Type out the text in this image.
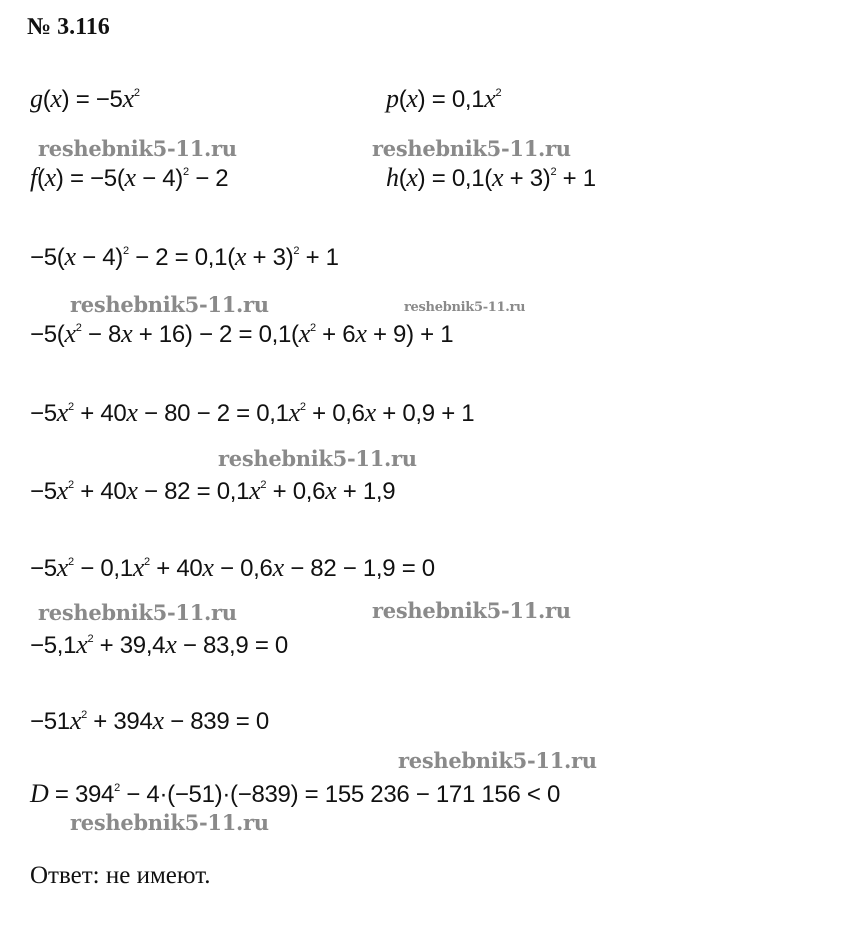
№ 3.116
$g(x) = -5x^2$	$p(x) = 0,1x^2$
reshebnik5-11.ru	reshebnik5-11.ru
$f(x) = -5(x - 4)^2 - 2$	$h(x) = 0,1(x + 3)^2 + 1$
$-5(x - 4)^2 - 2 = 0,1(x + 3)^2 + 1$
reshebnik5-11.ru	reshebnik5-11.ru
$-5(x^2 - 8x + 16) - 2 = 0,1(x^2 + 6x + 9) + 1$
$-5x^2 + 40x - 80 - 2 = 0,1x^2 + 0,6x + 0,9 + 1$
reshebnik5-11.ru
$-5x^2 + 40x - 82 = 0,1x^2 + 0,6x + 1,9$
$-5x^2 - 0,1x^2 + 40x - 0,6x - 82 - 1,9 = 0$
reshebnik5-11.ru	reshebnik5-11.ru
$-5,1x^2 + 39,4x - 83,9 = 0$
$-51x^2 + 394x - 839 = 0$
reshebnik5-11.ru
$D = 394^2 - 4\cdot(-51)\cdot(-839) = 155$ 236 − 171 156 < 0
reshebnik5-11.ru
Ответ: не имеют.
